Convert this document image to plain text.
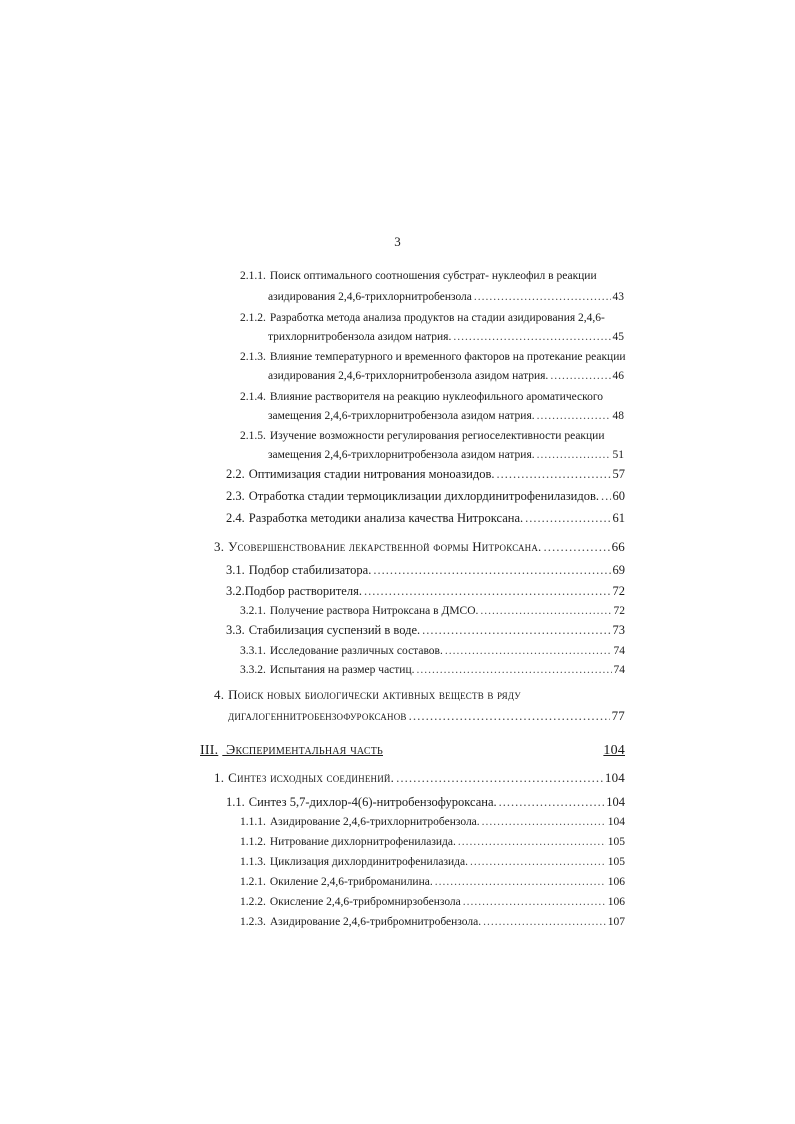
3
2.1.1. Поиск оптимального соотношения субстрат- нуклеофил в реакции
азидирования 2,4,6-трихлорнитробензола .....	43
2.1.2. Разработка метода анализа продуктов на стадии азидирования 2,4,6-
трихлорнитробензола азидом натрия. .....	45
2.1.3. Влияние температурного и временного факторов на протекание реакции
азидирования 2,4,6-трихлорнитробензола азидом натрия. .....	46
2.1.4. Влияние растворителя на реакцию нуклеофильного ароматического
замещения 2,4,6-трихлорнитробензола азидом натрия. .....	48
2.1.5. Изучение возможности регулирования региоселективности реакции
замещения 2,4,6-трихлорнитробензола азидом натрия. .....	51
2.2. Оптимизация стадии нитрования моноазидов. .....	57
2.3. Отработка стадии термоциклизации дихлординитрофенилазидов. ..... 60
2.4. Разработка методики анализа качества Нитроксана. .....	61
3. Усовершенствование лекарственной формы Нитроксана. .....	66
3.1. Подбор стабилизатора. .....	69
3.2. Подбор растворителя. .....	72
3.2.1. Получение раствора Нитроксана в ДМСО. .....	72
3.3. Стабилизация суспензий в воде. .....	73
3.3.1. Исследование различных составов. .....	74
3.3.2. Испытания на размер частиц. .....	74
4. Поиск новых биологически активных веществ в ряду
дигалогеннитробензофуроксанов .....	77
III. Экспериментальная часть	104
1. Синтез исходных соединений. .....	104
1.1. Синтез 5,7-дихлор-4(6)-нитробензофуроксана. .....	104
1.1.1. Азидирование 2,4,6-трихлорнитробензола. .....	104
1.1.2. Нитрование дихлорнитрофенилазида. .....	105
1.1.3. Циклизация дихлординитрофенилазида. .....	105
1.2.1. Окиление 2,4,6-триброманилина. .....	106
1.2.2. Окисление 2,4,6-трибромнирзобензола .....	106
1.2.3. Азидирование 2,4,6-трибромнитробензола. .....	107
